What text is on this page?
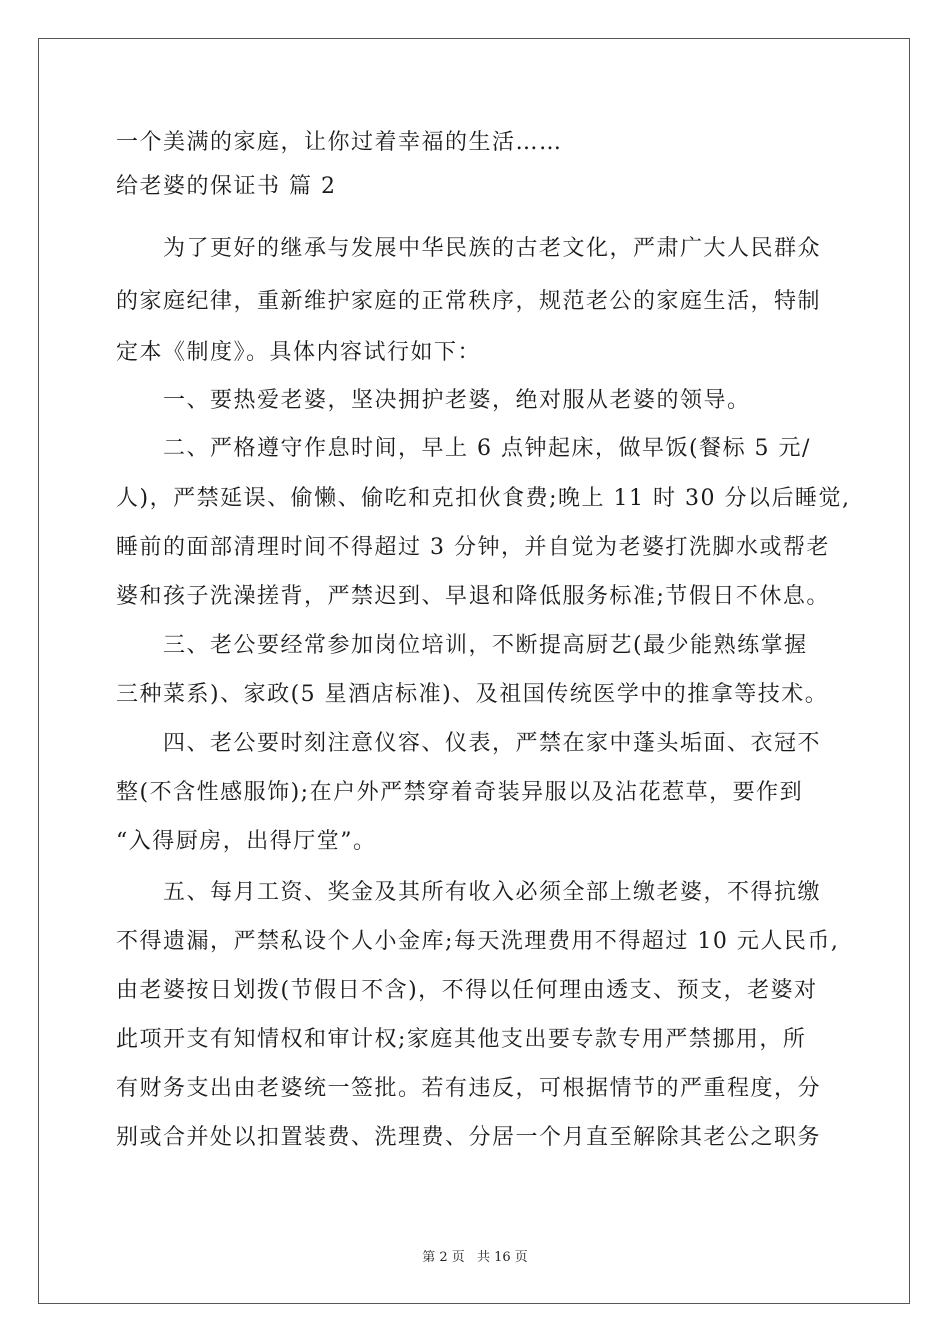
一个美满的家庭，让你过着幸福的生活……
给老婆的保证书 篇 2
　　为了更好的继承与发展中华民族的古老文化，严肃广大人民群众
的家庭纪律，重新维护家庭的正常秩序，规范老公的家庭生活，特制
定本《制度》。具体内容试行如下：
　　一、要热爱老婆，坚决拥护老婆，绝对服从老婆的领导。
　　二、严格遵守作息时间，早上 6 点钟起床，做早饭(餐标 5 元/
人)，严禁延误、偷懒、偷吃和克扣伙食费;晚上 11 时 30 分以后睡觉,
睡前的面部清理时间不得超过 3 分钟，并自觉为老婆打洗脚水或帮老
婆和孩子洗澡搓背，严禁迟到、早退和降低服务标准;节假日不休息。
　　三、老公要经常参加岗位培训，不断提高厨艺(最少能熟练掌握
三种菜系)、家政(5 星酒店标准)、及祖国传统医学中的推拿等技术。
　　四、老公要时刻注意仪容、仪表，严禁在家中蓬头垢面、衣冠不
整(不含性感服饰);在户外严禁穿着奇装异服以及沾花惹草，要作到
“入得厨房，出得厅堂”。
　　五、每月工资、奖金及其所有收入必须全部上缴老婆，不得抗缴
不得遗漏，严禁私设个人小金库;每天洗理费用不得超过 10 元人民币,
由老婆按日划拨(节假日不含)，不得以任何理由透支、预支，老婆对
此项开支有知情权和审计权;家庭其他支出要专款专用严禁挪用，所
有财务支出由老婆统一签批。若有违反，可根据情节的严重程度，分
别或合并处以扣置装费、洗理费、分居一个月直至解除其老公之职务
第 2 页 共 16 页
